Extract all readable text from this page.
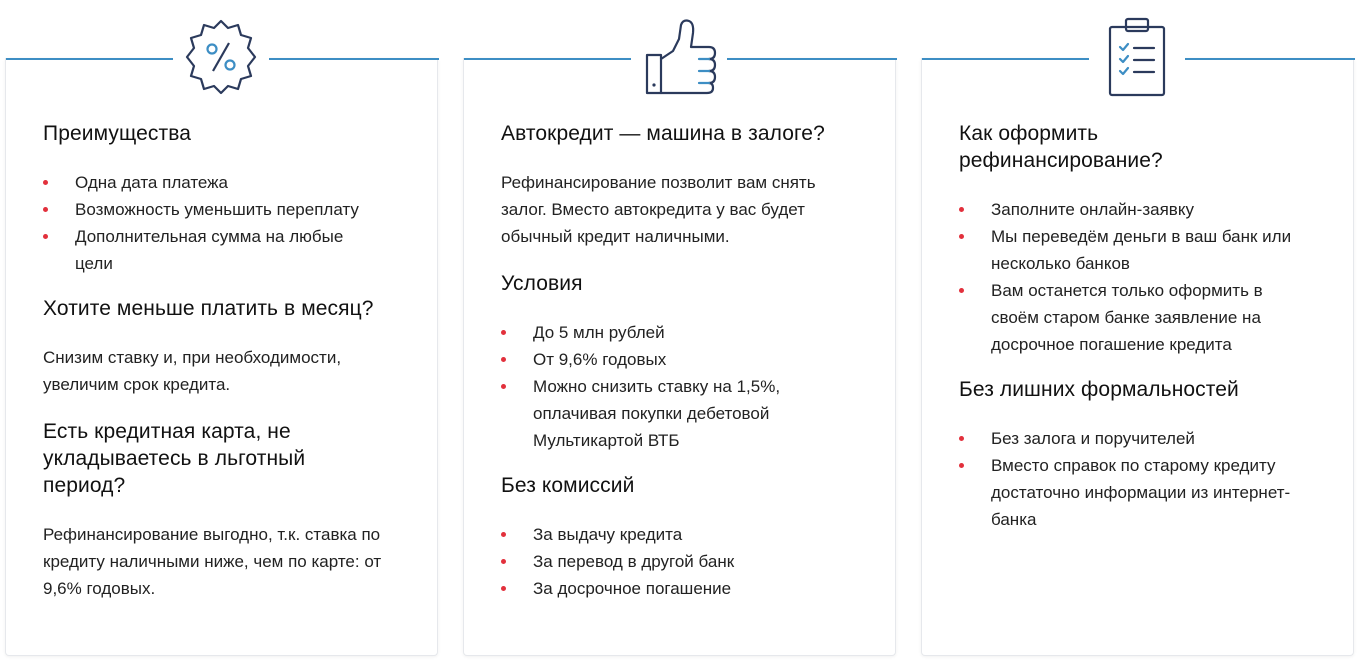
Преимущества
Одна дата платежа
Возможность уменьшить переплату
Дополнительная сумма на любые цели
Хотите меньше платить в месяц?

Снизим ставку и, при необходимости, увеличим срок кредита.

Есть кредитная карта, не укладываетесь в льготный период?

Рефинансирование выгодно, т.к. ставка по кредиту наличными ниже, чем по карте: от 9,6% годовых.

Автокредит — машина в залоге?

Рефинансирование позволит вам снять залог. Вместо автокредита у вас будет обычный кредит наличными.

Условия
До 5 млн рублей
От 9,6% годовых
Можно снизить ставку на 1,5%, оплачивая покупки дебетовой Мультикартой ВТБ
Без комиссий
За выдачу кредита
За перевод в другой банк
За досрочное погашение
Как оформить рефинансирование?
Заполните онлайн-заявку
Мы переведём деньги в ваш банк или несколько банков
Вам останется только оформить в своём старом банке заявление на досрочное погашение кредита
Без лишних формальностей
Без залога и поручителей
Вместо справок по старому кредиту достаточно информации из интернет-банка
